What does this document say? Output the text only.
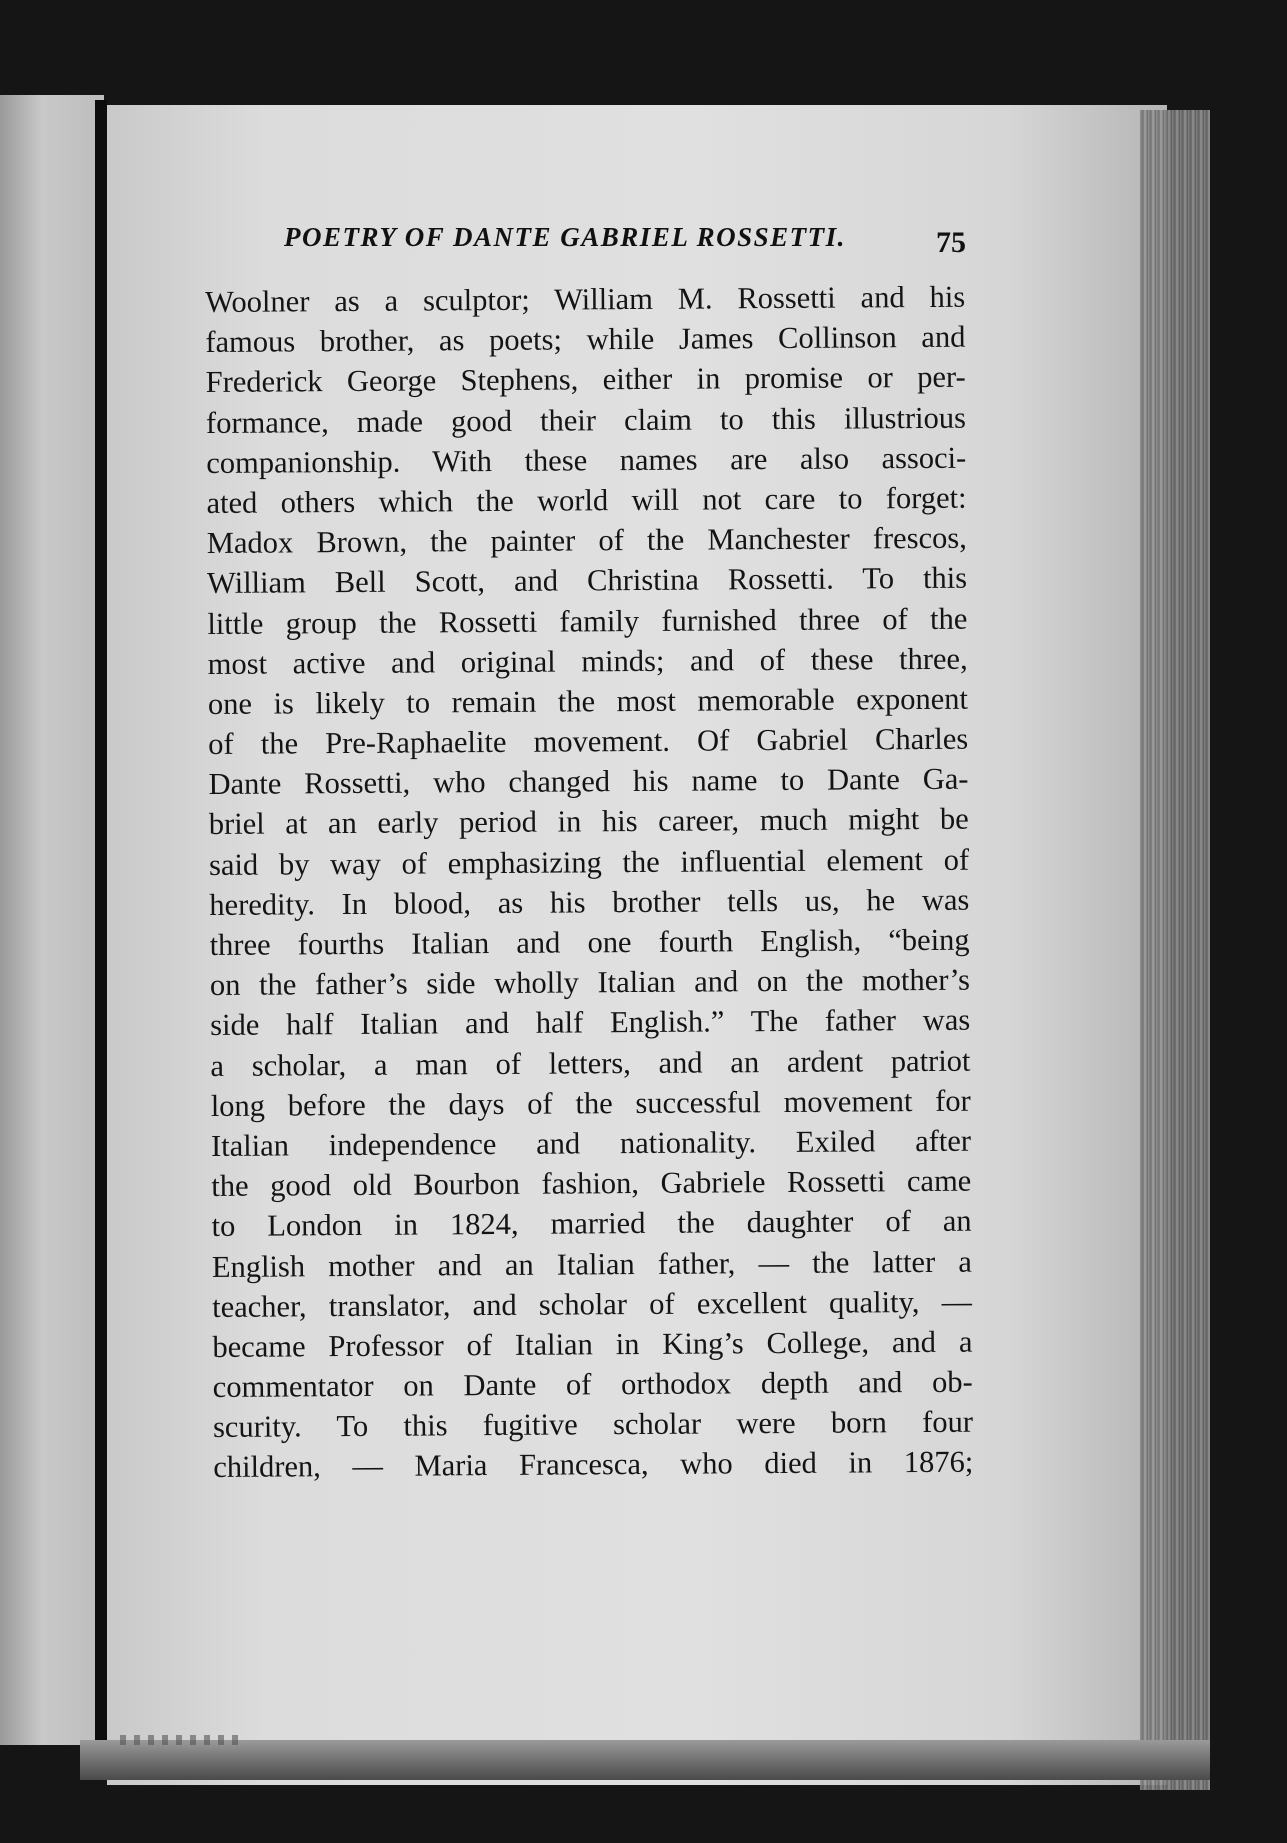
POETRY OF DANTE GABRIEL ROSSETTI.	75
Woolner as a sculptor; William M. Rossetti and his
famous brother, as poets; while James Collinson and
Frederick George Stephens, either in promise or per-
formance, made good their claim to this illustrious
companionship. With these names are also associ-
ated others which the world will not care to forget:
Madox Brown, the painter of the Manchester frescos,
William Bell Scott, and Christina Rossetti. To this
little group the Rossetti family furnished three of the
most active and original minds; and of these three,
one is likely to remain the most memorable exponent
of the Pre-Raphaelite movement. Of Gabriel Charles
Dante Rossetti, who changed his name to Dante Ga-
briel at an early period in his career, much might be
said by way of emphasizing the influential element of
heredity. In blood, as his brother tells us, he was
three fourths Italian and one fourth English, “being
on the father’s side wholly Italian and on the mother’s
side half Italian and half English.” The father was
a scholar, a man of letters, and an ardent patriot
long before the days of the successful movement for
Italian independence and nationality. Exiled after
the good old Bourbon fashion, Gabriele Rossetti came
to London in 1824, married the daughter of an
English mother and an Italian father, — the latter a
teacher, translator, and scholar of excellent quality, —
became Professor of Italian in King’s College, and a
commentator on Dante of orthodox depth and ob-
scurity. To this fugitive scholar were born four
children, — Maria Francesca, who died in 1876;
